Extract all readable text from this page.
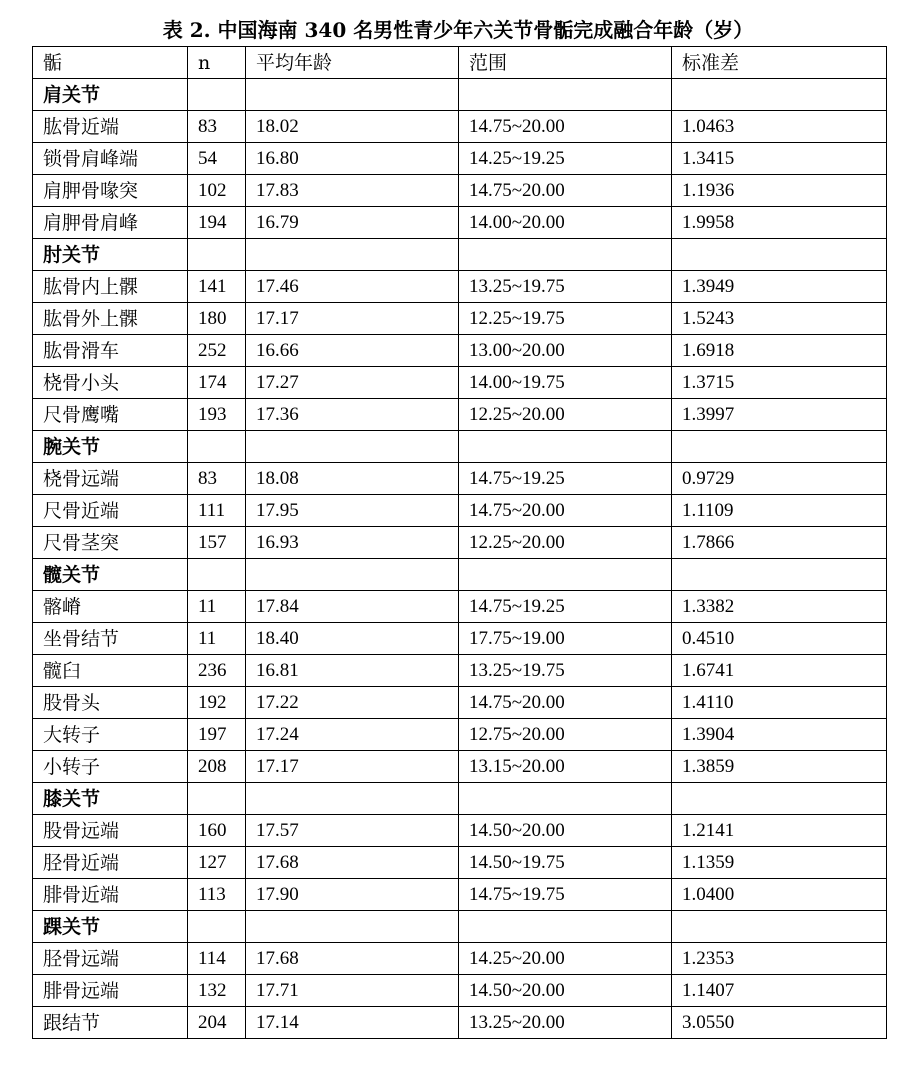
表 2. 中国海南 340 名男性青少年六关节骨骺完成融合年龄（岁）
骺	n	平均年龄	范围	标准差
肩关节				
肱骨近端	83	18.02	14.75~20.00	1.0463
锁骨肩峰端	54	16.80	14.25~19.25	1.3415
肩胛骨喙突	102	17.83	14.75~20.00	1.1936
肩胛骨肩峰	194	16.79	14.00~20.00	1.9958
肘关节				
肱骨内上髁	141	17.46	13.25~19.75	1.3949
肱骨外上髁	180	17.17	12.25~19.75	1.5243
肱骨滑车	252	16.66	13.00~20.00	1.6918
桡骨小头	174	17.27	14.00~19.75	1.3715
尺骨鹰嘴	193	17.36	12.25~20.00	1.3997
腕关节				
桡骨远端	83	18.08	14.75~19.25	0.9729
尺骨近端	111	17.95	14.75~20.00	1.1109
尺骨茎突	157	16.93	12.25~20.00	1.7866
髋关节				
髂嵴	11	17.84	14.75~19.25	1.3382
坐骨结节	11	18.40	17.75~19.00	0.4510
髋臼	236	16.81	13.25~19.75	1.6741
股骨头	192	17.22	14.75~20.00	1.4110
大转子	197	17.24	12.75~20.00	1.3904
小转子	208	17.17	13.15~20.00	1.3859
膝关节				
股骨远端	160	17.57	14.50~20.00	1.2141
胫骨近端	127	17.68	14.50~19.75	1.1359
腓骨近端	113	17.90	14.75~19.75	1.0400
踝关节				
胫骨远端	114	17.68	14.25~20.00	1.2353
腓骨远端	132	17.71	14.50~20.00	1.1407
跟结节	204	17.14	13.25~20.00	3.0550
